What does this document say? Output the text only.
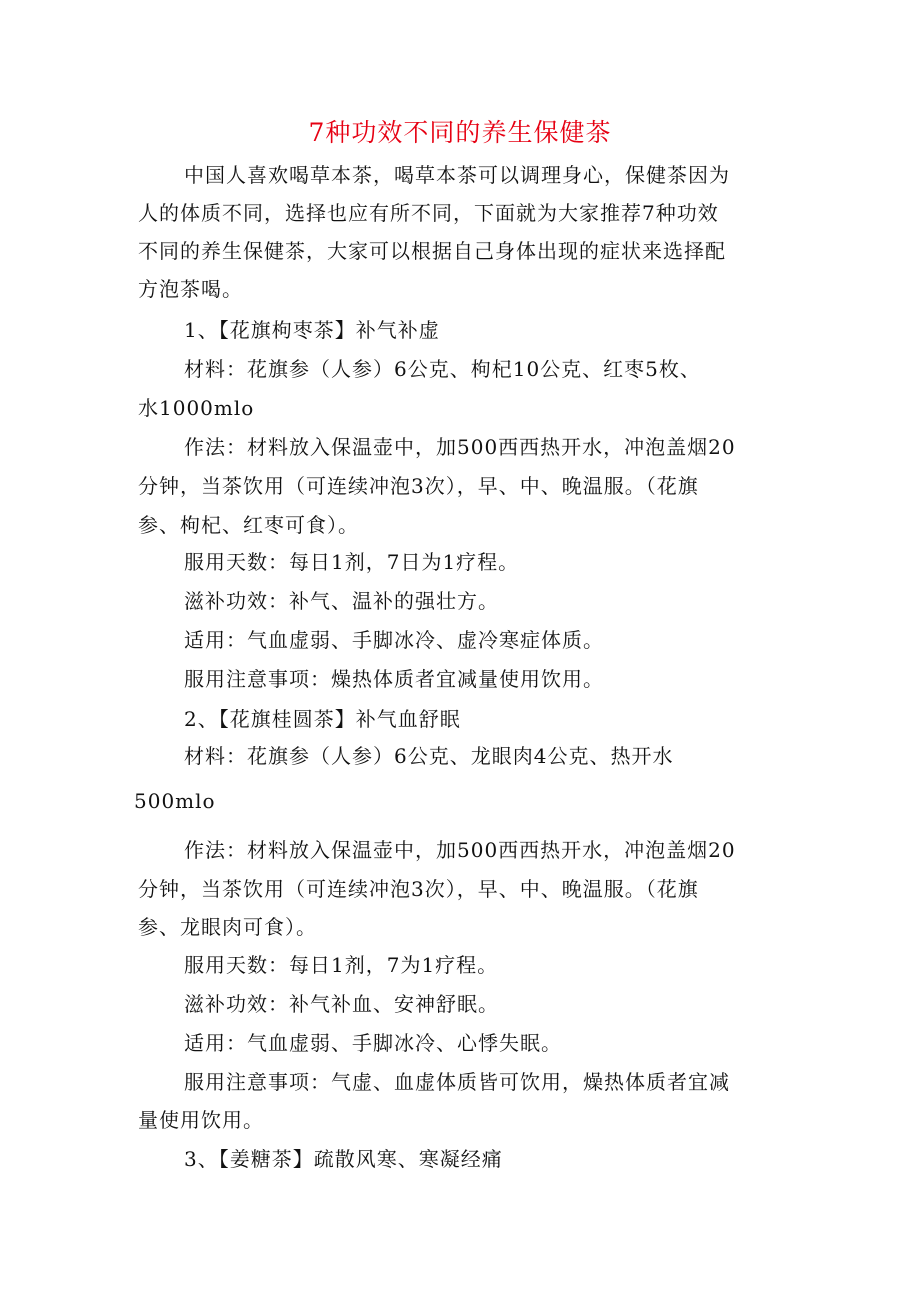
7种功效不同的养生保健茶
中国人喜欢喝草本茶，喝草本茶可以调理身心，保健茶因为
人的体质不同，选择也应有所不同，下面就为大家推荐7种功效
不同的养生保健茶，大家可以根据自己身体出现的症状来选择配
方泡茶喝。
1、【花旗枸枣茶】补气补虚
材料：花旗参（人参）6公克、枸杞10公克、红枣5枚、
水1000mlo
作法：材料放入保温壶中，加500西西热开水，冲泡盖烟20
分钟，当茶饮用（可连续冲泡3次），早、中、晚温服。（花旗
参、枸杞、红枣可食）。
服用天数：每日1剂，7日为1疗程。
滋补功效：补气、温补的强壮方。
适用：气血虚弱、手脚冰冷、虚冷寒症体质。
服用注意事项：燥热体质者宜减量使用饮用。
2、【花旗桂圆茶】补气血舒眠
材料：花旗参（人参）6公克、龙眼肉4公克、热开水
500mlo
作法：材料放入保温壶中，加500西西热开水，冲泡盖烟20
分钟，当茶饮用（可连续冲泡3次），早、中、晚温服。（花旗
参、龙眼肉可食）。
服用天数：每日1剂，7为1疗程。
滋补功效：补气补血、安神舒眠。
适用：气血虚弱、手脚冰冷、心悸失眠。
服用注意事项：气虚、血虚体质皆可饮用，燥热体质者宜减
量使用饮用。
3、【姜糖茶】疏散风寒、寒凝经痛
